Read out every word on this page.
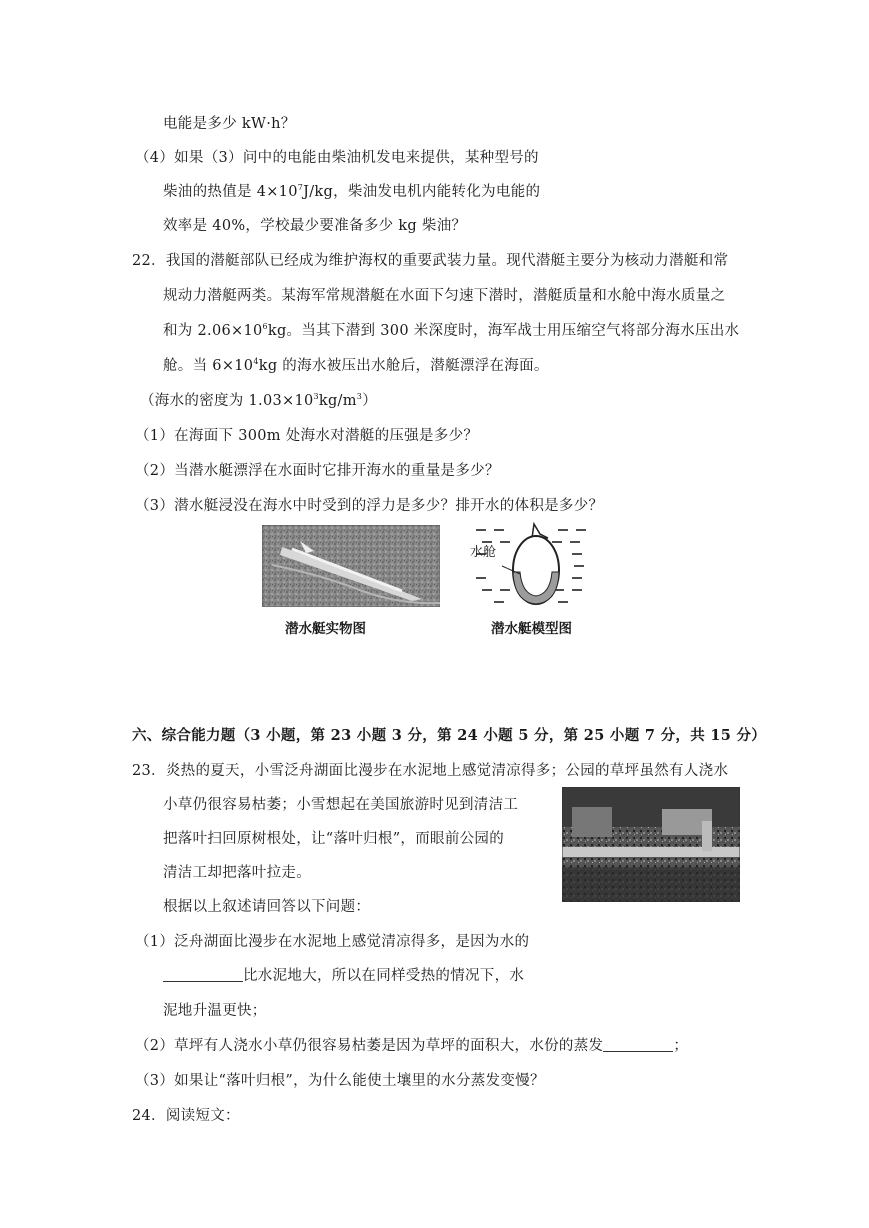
电能是多少 kW·h？
（4）如果（3）问中的电能由柴油机发电来提供，某种型号的
柴油的热值是 $4\times 10^7J/kg$，柴油发电机内能转化为电能的
效率是 40%，学校最少要准备多少 kg 柴油？
22．我国的潜艇部队已经成为维护海权的重要武装力量。现代潜艇主要分为核动力潜艇和常
规动力潜艇两类。某海军常规潜艇在水面下匀速下潜时，潜艇质量和水舱中海水质量之
和为 $2.06\times 10^6kg$。当其下潜到 300 米深度时，海军战士用压缩空气将部分海水压出水
舱。当 $6\times 10^4kg$ 的海水被压出水舱后，潜艇漂浮在海面。
（海水的密度为 $1.03\times 10^3kg/m^3$）
（1）在海面下 300m 处海水对潜艇的压强是多少？
（2）当潜水艇漂浮在水面时它排开海水的重量是多少？
（3）潜水艇浸没在海水中时受到的浮力是多少？排开水的体积是多少？
潜水艇实物图
水舱
潜水艇模型图
六、综合能力题（3 小题，第 23 小题 3 分，第 24 小题 5 分，第 25 小题 7 分，共 15 分）
23．炎热的夏天，小雪泛舟湖面比漫步在水泥地上感觉清凉得多；公园的草坪虽然有人浇水
小草仍很容易枯萎；小雪想起在美国旅游时见到清洁工
把落叶扫回原树根处，让“落叶归根”，而眼前公园的
清洁工却把落叶拉走。
根据以上叙述请回答以下问题：
（1）泛舟湖面比漫步在水泥地上感觉清凉得多，是因为水的
比水泥地大，所以在同样受热的情况下，水
泥地升温更快；
（2）草坪有人浇水小草仍很容易枯萎是因为草坪的面积大，水份的蒸发	；
（3）如果让“落叶归根”，为什么能使土壤里的水分蒸发变慢？
24．阅读短文：
